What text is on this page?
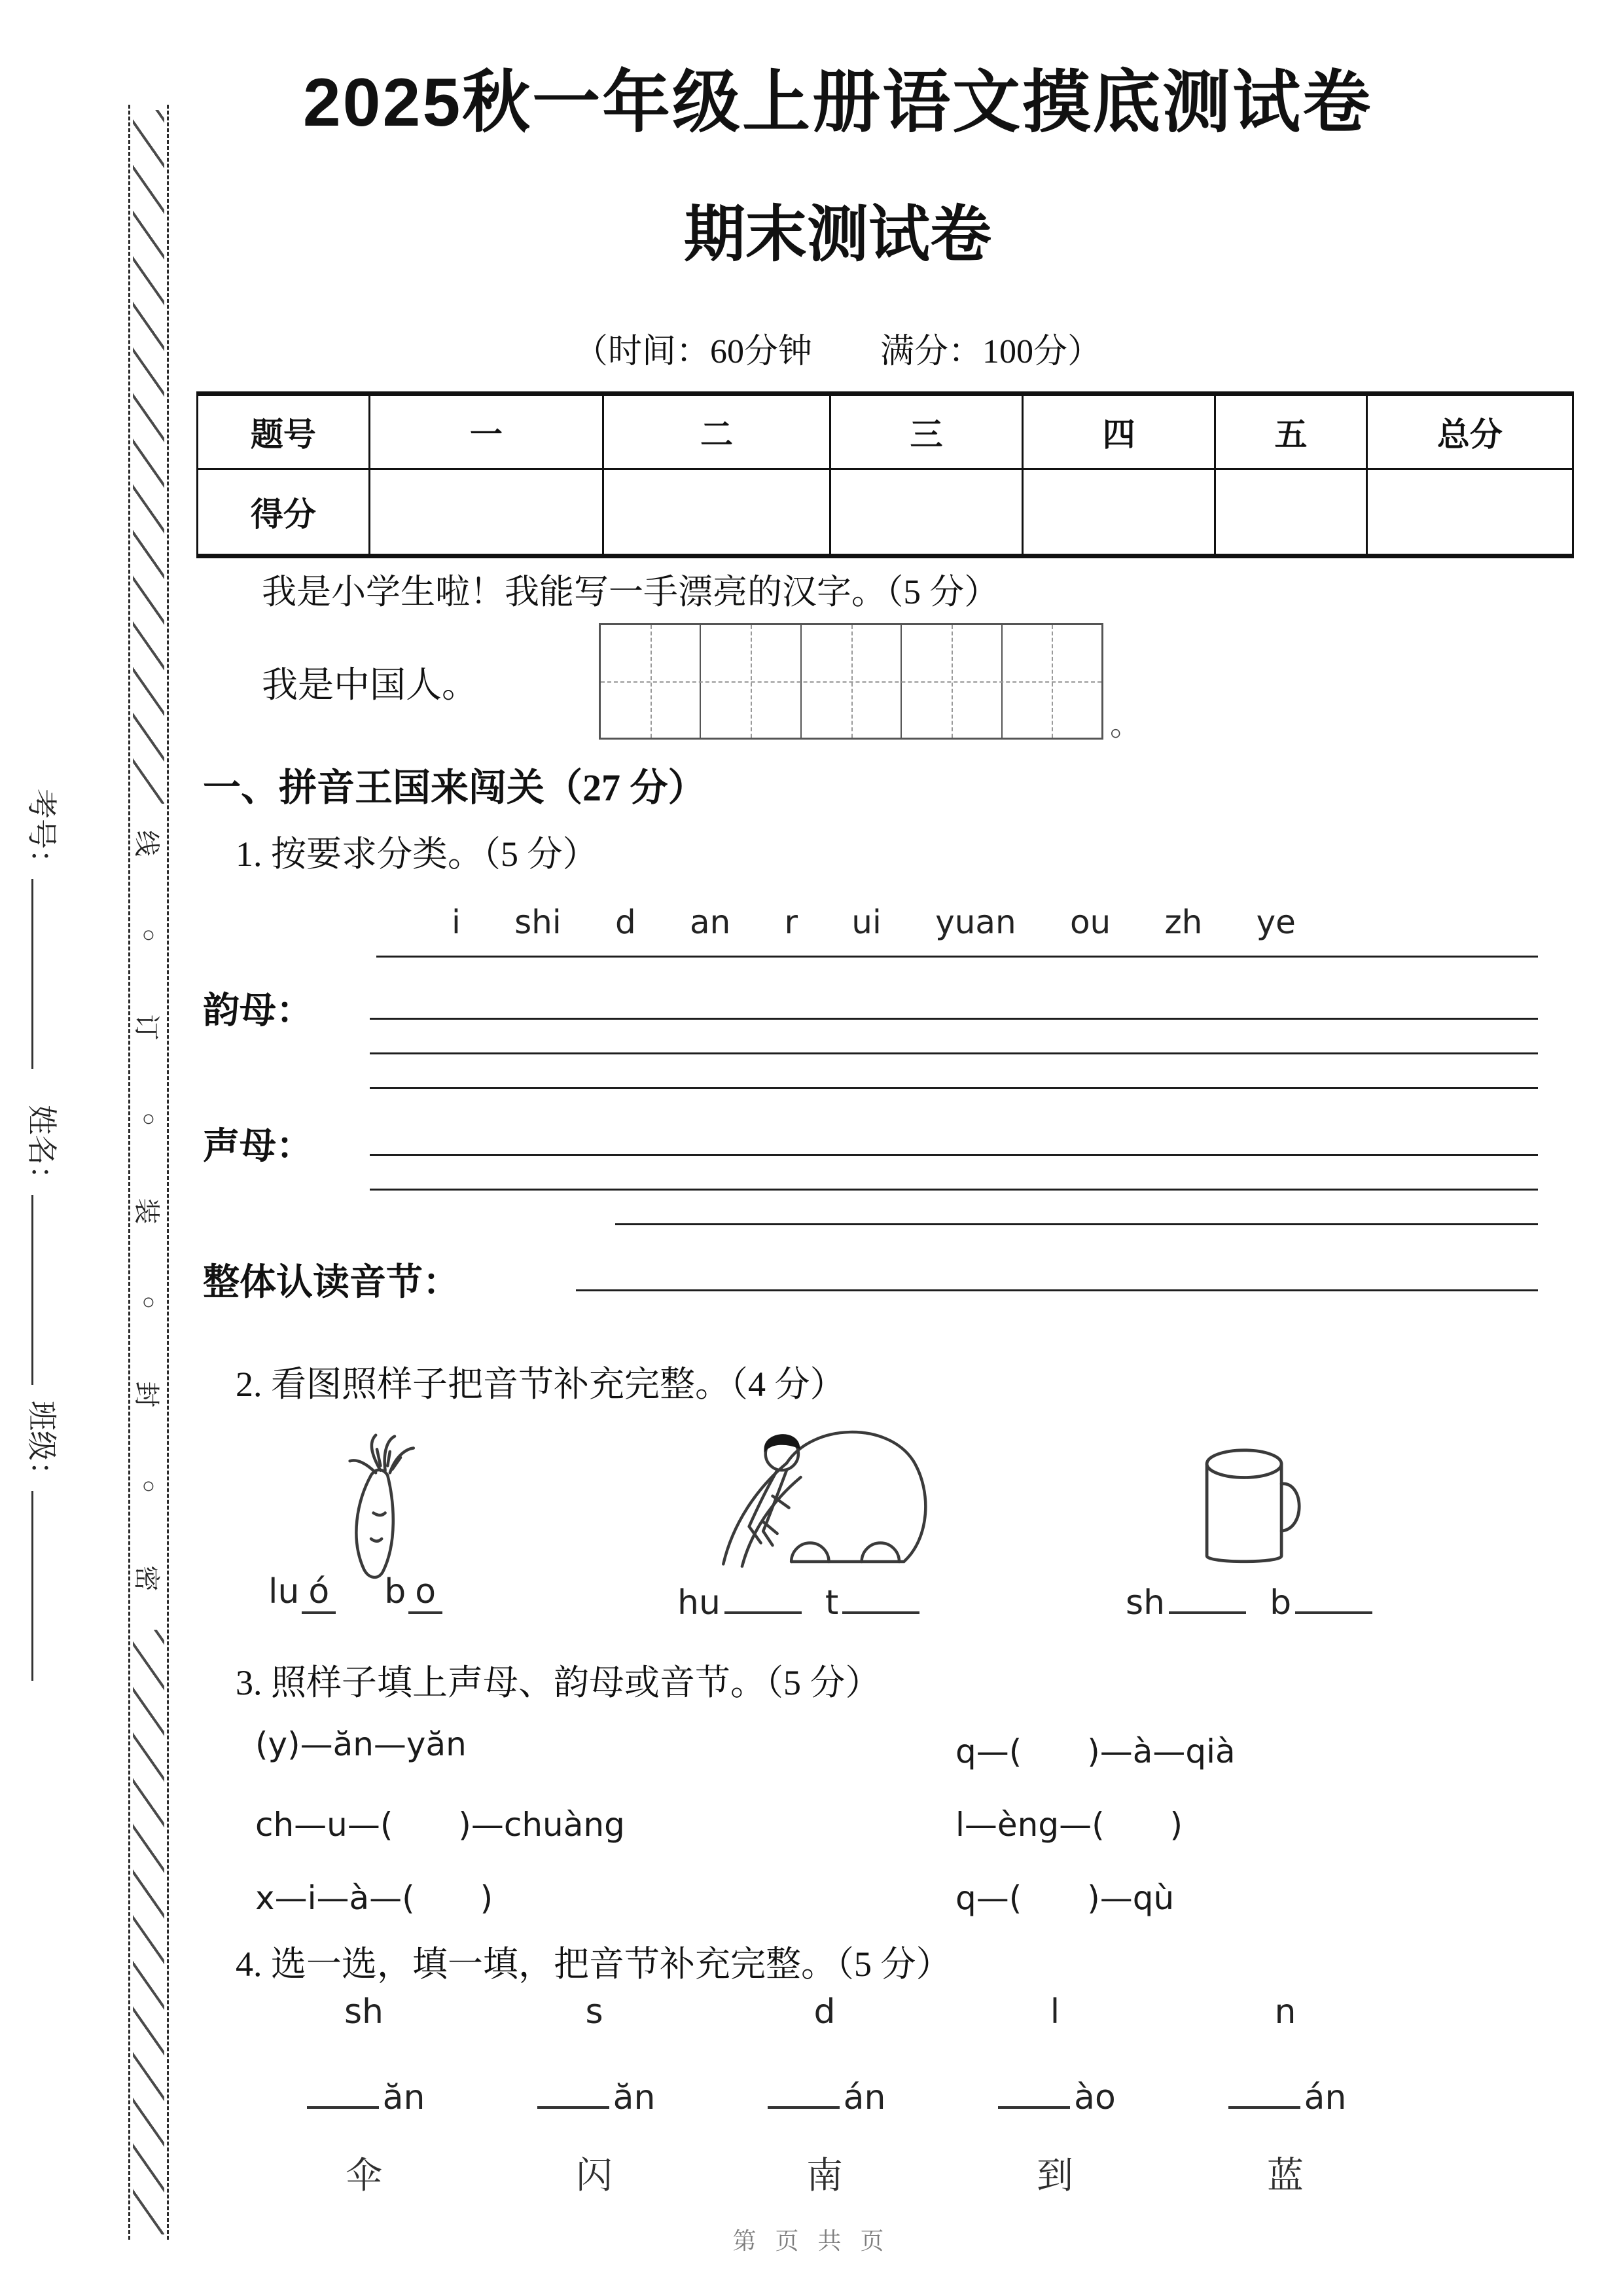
考号：
姓名：
班级：
线
○
订
○
装
○
封
○
密
2025秋一年级上册语文摸底测试卷
期末测试卷
（时间：60分钟　　满分：100分）
题号	一	二	三	四	五	总分
得分						
我是小学生啦！我能写一手漂亮的汉字。（5 分）
我是中国人。
。
一、拼音王国来闯关（27 分）
1. 按要求分类。（5 分）
i shi d an r ui yuan ou zh ye
韵母：
声母：
整体认读音节：
2. 看图照样子把音节补充完整。（4 分）
lu ó b o	hu	t	sh	b
3. 照样子填上声母、韵母或音节。（5 分）
(y)—ăn—yăn	q—(　　)—à—qià
ch—u—(　　)—chuàng	l—èng—(　　)
x—i—à—(　　)	q—(　　)—qù
4. 选一选，填一填，把音节补充完整。（5 分）
sh	s	d	l	n
ăn	ăn	án	ào	án
伞	闪	南	到	蓝
第 页 共 页
